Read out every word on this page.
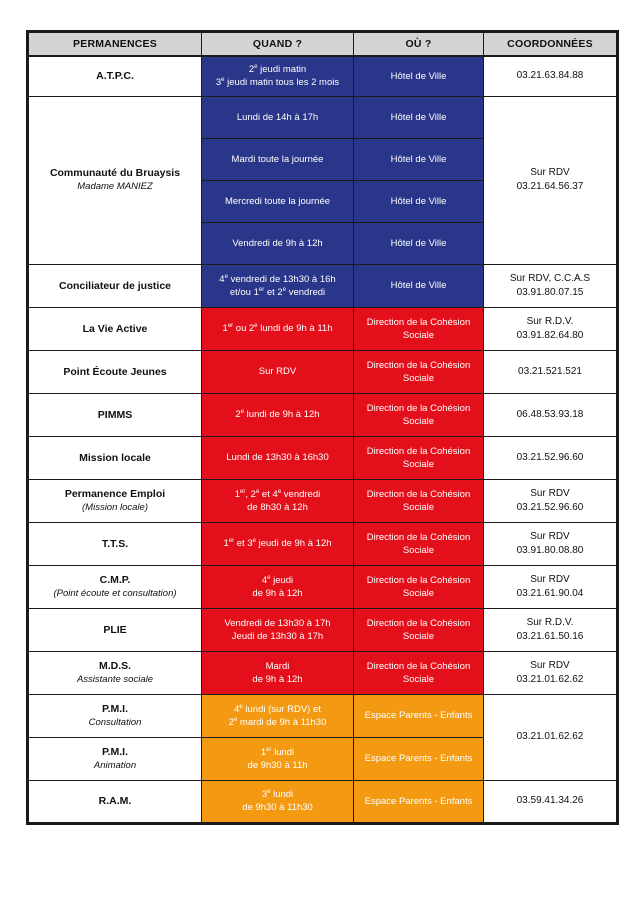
PERMANENCES	QUAND ?	OÙ ?	COORDONNÉES

A.T.P.C.	2e jeudi matin
3e jeudi matin tous les 2 mois	Hôtel de Ville	03.21.63.84.88

Communauté du Bruaysis
Madame MANIEZ	Lundi de 14h à 17h	Hôtel de Ville	Sur RDV
03.21.64.56.37

	Mardi toute la journée	Hôtel de Ville	

	Mercredi toute la journée	Hôtel de Ville	

	Vendredi de 9h à 12h	Hôtel de Ville	

Conciliateur de justice	4e vendredi de 13h30 à 16h
et/ou 1er et 2e vendredi	Hôtel de Ville	Sur RDV, C.C.A.S
03.91.80.07.15

La Vie Active	1er ou 2e lundi de 9h à 11h	Direction de la Cohésion
Sociale	Sur R.D.V.
03.91.82.64.80

Point Écoute Jeunes	Sur RDV	Direction de la Cohésion
Sociale	03.21.521.521

PIMMS	2e lundi de 9h à 12h	Direction de la Cohésion
Sociale	06.48.53.93.18

Mission locale	Lundi de 13h30 à 16h30	Direction de la Cohésion
Sociale	03.21.52.96.60

Permanence Emploi
(Mission locale)	1er, 2e et 4e vendredi
de 8h30 à 12h	Direction de la Cohésion
Sociale	Sur RDV
03.21.52.96.60

T.T.S.	1er et 3e jeudi de 9h à 12h	Direction de la Cohésion
Sociale	Sur RDV
03.91.80.08.80

C.M.P.
(Point écoute et consultation)	4e jeudi
de 9h à 12h	Direction de la Cohésion
Sociale	Sur RDV
03.21.61.90.04

PLIE	Vendredi de 13h30 à 17h
Jeudi de 13h30 à 17h	Direction de la Cohésion
Sociale	Sur R.D.V.
03.21.61.50.16

M.D.S.
Assistante sociale	Mardi
de 9h à 12h	Direction de la Cohésion
Sociale	Sur RDV
03.21.01.62.62

P.M.I.
Consultation	4e lundi (sur RDV) et
2e mardi de 9h à 11h30	Espace Parents - Enfants	03.21.01.62.62

P.M.I.
Animation	1er lundi
de 9h30 à 11h	Espace Parents - Enfants	

R.A.M.	3e lundi
de 9h30 à 11h30	Espace Parents - Enfants	03.59.41.34.26
